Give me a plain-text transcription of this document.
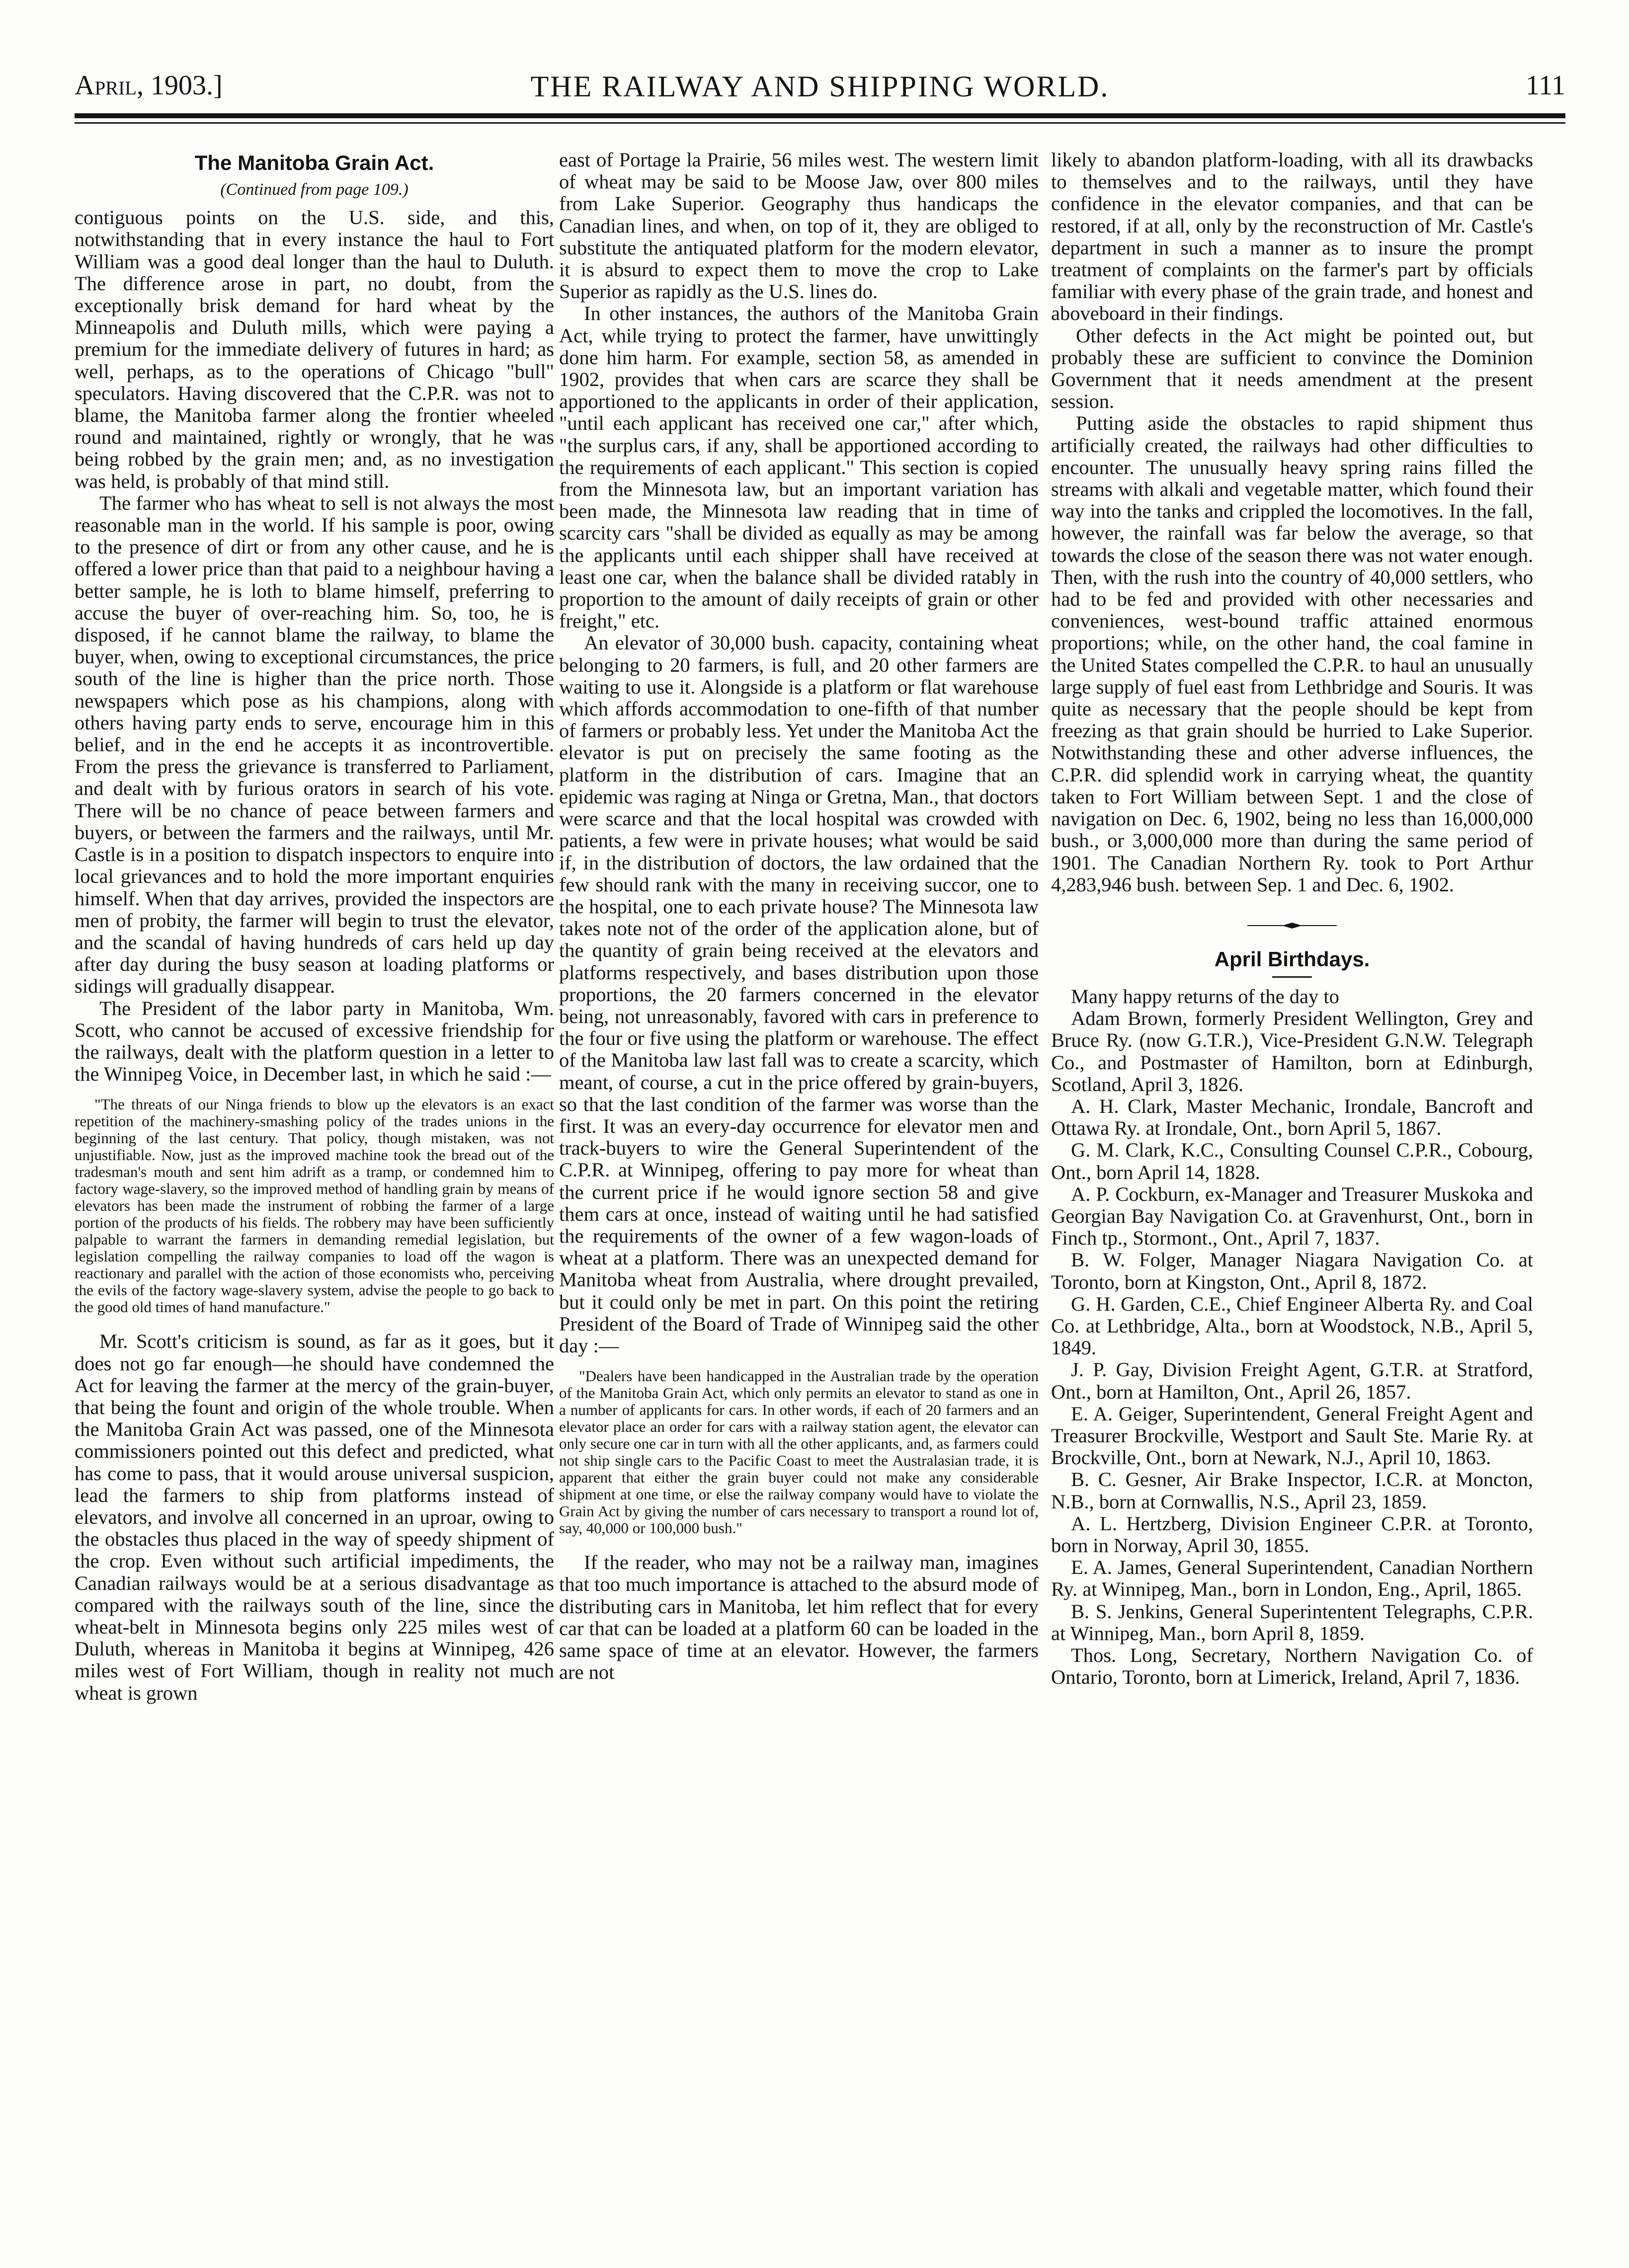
April, 1903.]	THE RAILWAY AND SHIPPING WORLD.	111
The Manitoba Grain Act.
(Continued from page 109.)

contiguous points on the U.S. side, and this, notwithstanding that in every instance the haul to Fort William was a good deal longer than the haul to Duluth. The difference arose in part, no doubt, from the exceptionally brisk demand for hard wheat by the Minneapolis and Duluth mills, which were paying a premium for the immediate delivery of futures in hard; as well, perhaps, as to the operations of Chicago "bull" speculators. Having discovered that the C.P.R. was not to blame, the Manitoba farmer along the frontier wheeled round and maintained, rightly or wrongly, that he was being robbed by the grain men; and, as no investigation was held, is probably of that mind still.

The farmer who has wheat to sell is not always the most reasonable man in the world. If his sample is poor, owing to the presence of dirt or from any other cause, and he is offered a lower price than that paid to a neighbour having a better sample, he is loth to blame himself, preferring to accuse the buyer of over-reaching him. So, too, he is disposed, if he cannot blame the railway, to blame the buyer, when, owing to exceptional circumstances, the price south of the line is higher than the price north. Those newspapers which pose as his champions, along with others having party ends to serve, encourage him in this belief, and in the end he accepts it as incontrovertible. From the press the grievance is transferred to Parliament, and dealt with by furious orators in search of his vote. There will be no chance of peace between farmers and buyers, or between the farmers and the railways, until Mr. Castle is in a position to dispatch inspectors to enquire into local grievances and to hold the more important enquiries himself. When that day arrives, provided the inspectors are men of probity, the farmer will begin to trust the elevator, and the scandal of having hundreds of cars held up day after day during the busy season at loading platforms or sidings will gradually disappear.

The President of the labor party in Manitoba, Wm. Scott, who cannot be accused of excessive friendship for the railways, dealt with the platform question in a letter to the Winnipeg Voice, in December last, in which he said :—

"The threats of our Ninga friends to blow up the elevators is an exact repetition of the machinery-smashing policy of the trades unions in the beginning of the last century. That policy, though mistaken, was not unjustifiable. Now, just as the improved machine took the bread out of the tradesman's mouth and sent him adrift as a tramp, or condemned him to factory wage-slavery, so the improved method of handling grain by means of elevators has been made the instrument of robbing the farmer of a large portion of the products of his fields. The robbery may have been sufficiently palpable to warrant the farmers in demanding remedial legislation, but legislation compelling the railway companies to load off the wagon is reactionary and parallel with the action of those economists who, perceiving the evils of the factory wage-slavery system, advise the people to go back to the good old times of hand manufacture."

Mr. Scott's criticism is sound, as far as it goes, but it does not go far enough—he should have condemned the Act for leaving the farmer at the mercy of the grain-buyer, that being the fount and origin of the whole trouble. When the Manitoba Grain Act was passed, one of the Minnesota commissioners pointed out this defect and predicted, what has come to pass, that it would arouse universal suspicion, lead the farmers to ship from platforms instead of elevators, and involve all concerned in an uproar, owing to the obstacles thus placed in the way of speedy shipment of the crop. Even without such artificial impediments, the Canadian railways would be at a serious disadvantage as compared with the railways south of the line, since the wheat-belt in Minnesota begins only 225 miles west of Duluth, whereas in Manitoba it begins at Winnipeg, 426 miles west of Fort William, though in reality not much wheat is grown

east of Portage la Prairie, 56 miles west. The western limit of wheat may be said to be Moose Jaw, over 800 miles from Lake Superior. Geography thus handicaps the Canadian lines, and when, on top of it, they are obliged to substitute the antiquated platform for the modern elevator, it is absurd to expect them to move the crop to Lake Superior as rapidly as the U.S. lines do.

In other instances, the authors of the Manitoba Grain Act, while trying to protect the farmer, have unwittingly done him harm. For example, section 58, as amended in 1902, provides that when cars are scarce they shall be apportioned to the applicants in order of their application, "until each applicant has received one car," after which, "the surplus cars, if any, shall be apportioned according to the requirements of each applicant." This section is copied from the Minnesota law, but an important variation has been made, the Minnesota law reading that in time of scarcity cars "shall be divided as equally as may be among the applicants until each shipper shall have received at least one car, when the balance shall be divided ratably in proportion to the amount of daily receipts of grain or other freight," etc.

An elevator of 30,000 bush. capacity, containing wheat belonging to 20 farmers, is full, and 20 other farmers are waiting to use it. Alongside is a platform or flat warehouse which affords accommodation to one-fifth of that number of farmers or probably less. Yet under the Manitoba Act the elevator is put on precisely the same footing as the platform in the distribution of cars. Imagine that an epidemic was raging at Ninga or Gretna, Man., that doctors were scarce and that the local hospital was crowded with patients, a few were in private houses; what would be said if, in the distribution of doctors, the law ordained that the few should rank with the many in receiving succor, one to the hospital, one to each private house? The Minnesota law takes note not of the order of the application alone, but of the quantity of grain being received at the elevators and platforms respectively, and bases distribution upon those proportions, the 20 farmers concerned in the elevator being, not unreasonably, favored with cars in preference to the four or five using the platform or warehouse. The effect of the Manitoba law last fall was to create a scarcity, which meant, of course, a cut in the price offered by grain-buyers, so that the last condition of the farmer was worse than the first. It was an every-day occurrence for elevator men and track-buyers to wire the General Superintendent of the C.P.R. at Winnipeg, offering to pay more for wheat than the current price if he would ignore section 58 and give them cars at once, instead of waiting until he had satisfied the requirements of the owner of a few wagon-loads of wheat at a platform. There was an unexpected demand for Manitoba wheat from Australia, where drought prevailed, but it could only be met in part. On this point the retiring President of the Board of Trade of Winnipeg said the other day :—

"Dealers have been handicapped in the Australian trade by the operation of the Manitoba Grain Act, which only permits an elevator to stand as one in a number of applicants for cars. In other words, if each of 20 farmers and an elevator place an order for cars with a railway station agent, the elevator can only secure one car in turn with all the other applicants, and, as farmers could not ship single cars to the Pacific Coast to meet the Australasian trade, it is apparent that either the grain buyer could not make any considerable shipment at one time, or else the railway company would have to violate the Grain Act by giving the number of cars necessary to transport a round lot of, say, 40,000 or 100,000 bush."

If the reader, who may not be a railway man, imagines that too much importance is attached to the absurd mode of distributing cars in Manitoba, let him reflect that for every car that can be loaded at a platform 60 can be loaded in the same space of time at an elevator. However, the farmers are not

likely to abandon platform-loading, with all its drawbacks to themselves and to the railways, until they have confidence in the elevator companies, and that can be restored, if at all, only by the reconstruction of Mr. Castle's department in such a manner as to insure the prompt treatment of complaints on the farmer's part by officials familiar with every phase of the grain trade, and honest and aboveboard in their findings.

Other defects in the Act might be pointed out, but probably these are sufficient to convince the Dominion Government that it needs amendment at the present session.

Putting aside the obstacles to rapid shipment thus artificially created, the railways had other difficulties to encounter. The unusually heavy spring rains filled the streams with alkali and vegetable matter, which found their way into the tanks and crippled the locomotives. In the fall, however, the rainfall was far below the average, so that towards the close of the season there was not water enough. Then, with the rush into the country of 40,000 settlers, who had to be fed and provided with other necessaries and conveniences, west-bound traffic attained enormous proportions; while, on the other hand, the coal famine in the United States compelled the C.P.R. to haul an unusually large supply of fuel east from Lethbridge and Souris. It was quite as necessary that the people should be kept from freezing as that grain should be hurried to Lake Superior. Notwithstanding these and other adverse influences, the C.P.R. did splendid work in carrying wheat, the quantity taken to Fort William between Sept. 1 and the close of navigation on Dec. 6, 1902, being no less than 16,000,000 bush., or 3,000,000 more than during the same period of 1901. The Canadian Northern Ry. took to Port Arthur 4,283,946 bush. between Sep. 1 and Dec. 6, 1902.

April Birthdays.

Many happy returns of the day to

Adam Brown, formerly President Wellington, Grey and Bruce Ry. (now G.T.R.), Vice-President G.N.W. Telegraph Co., and Postmaster of Hamilton, born at Edinburgh, Scotland, April 3, 1826.

A. H. Clark, Master Mechanic, Irondale, Bancroft and Ottawa Ry. at Irondale, Ont., born April 5, 1867.

G. M. Clark, K.C., Consulting Counsel C.P.R., Cobourg, Ont., born April 14, 1828.

A. P. Cockburn, ex-Manager and Treasurer Muskoka and Georgian Bay Navigation Co. at Gravenhurst, Ont., born in Finch tp., Stormont., Ont., April 7, 1837.

B. W. Folger, Manager Niagara Navigation Co. at Toronto, born at Kingston, Ont., April 8, 1872.

G. H. Garden, C.E., Chief Engineer Alberta Ry. and Coal Co. at Lethbridge, Alta., born at Woodstock, N.B., April 5, 1849.

J. P. Gay, Division Freight Agent, G.T.R. at Stratford, Ont., born at Hamilton, Ont., April 26, 1857.

E. A. Geiger, Superintendent, General Freight Agent and Treasurer Brockville, Westport and Sault Ste. Marie Ry. at Brockville, Ont., born at Newark, N.J., April 10, 1863.

B. C. Gesner, Air Brake Inspector, I.C.R. at Moncton, N.B., born at Cornwallis, N.S., April 23, 1859.

A. L. Hertzberg, Division Engineer C.P.R. at Toronto, born in Norway, April 30, 1855.

E. A. James, General Superintendent, Canadian Northern Ry. at Winnipeg, Man., born in London, Eng., April, 1865.

B. S. Jenkins, General Superintentent Telegraphs, C.P.R. at Winnipeg, Man., born April 8, 1859.

Thos. Long, Secretary, Northern Navigation Co. of Ontario, Toronto, born at Limerick, Ireland, April 7, 1836.
